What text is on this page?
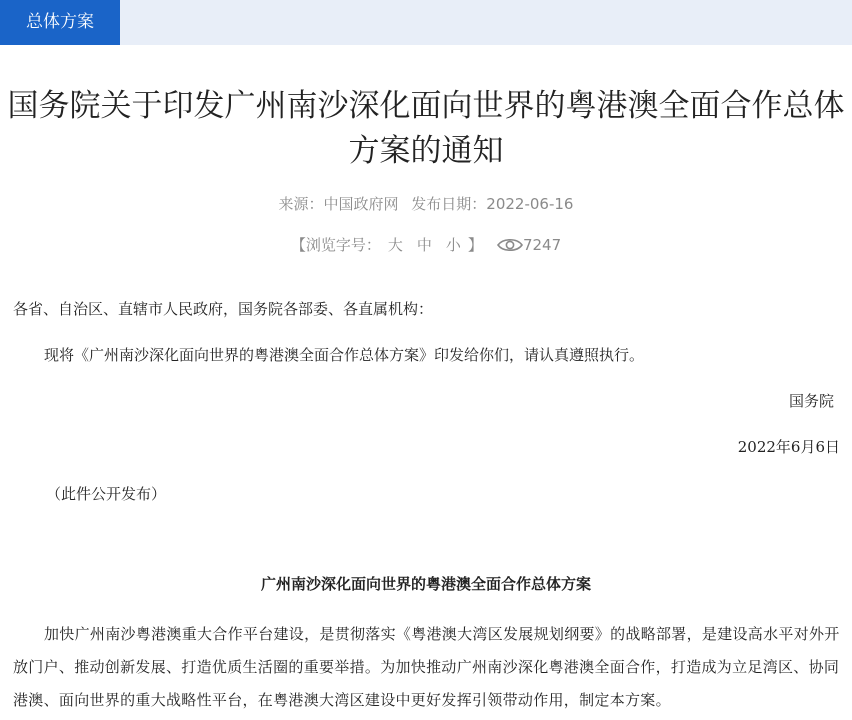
总体方案
国务院关于印发广州南沙深化面向世界的粤港澳全面合作总体方案的通知
来源：中国政府网 发布日期：2022-06-16
【浏览字号： 大 中 小 】	7247
各省、自治区、直辖市人民政府，国务院各部委、各直属机构：
现将《广州南沙深化面向世界的粤港澳全面合作总体方案》印发给你们，请认真遵照执行。
国务院
2022年6月6日
（此件公开发布）
广州南沙深化面向世界的粤港澳全面合作总体方案
加快广州南沙粤港澳重大合作平台建设，是贯彻落实《粤港澳大湾区发展规划纲要》的战略部署，是建设高水平对外开放门户、推动创新发展、打造优质生活圈的重要举措。为加快推动广州南沙深化粤港澳全面合作，打造成为立足湾区、协同港澳、面向世界的重大战略性平台，在粤港澳大湾区建设中更好发挥引领带动作用，制定本方案。
